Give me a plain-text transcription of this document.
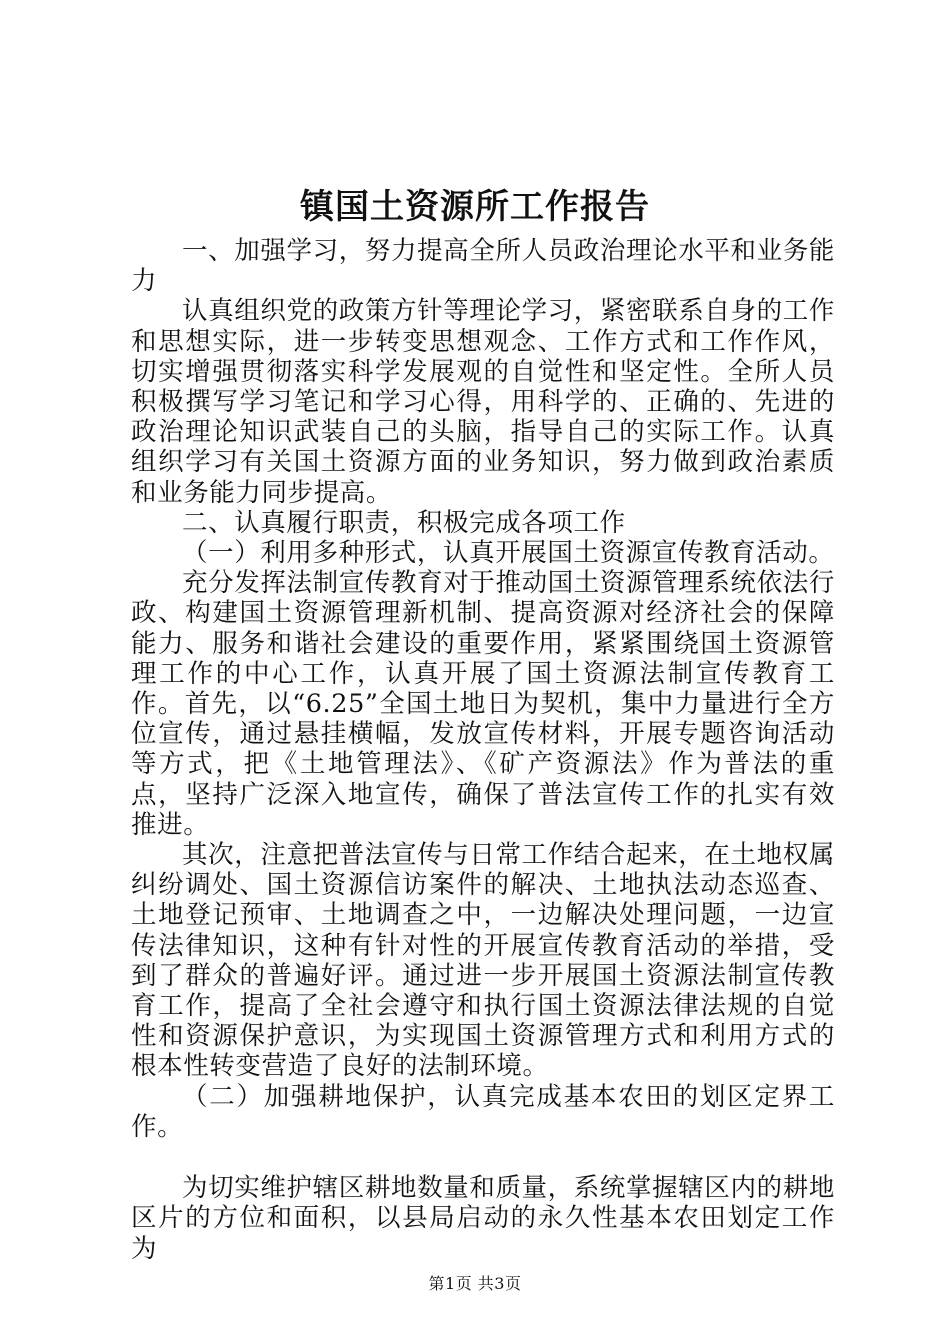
镇国土资源所工作报告

一、加强学习，努力提高全所人员政治理论水平和业务能力

认真组织党的政策方针等理论学习，紧密联系自身的工作和思想实际，进一步转变思想观念、工作方式和工作作风，切实增强贯彻落实科学发展观的自觉性和坚定性。全所人员积极撰写学习笔记和学习心得，用科学的、正确的、先进的政治理论知识武装自己的头脑，指导自己的实际工作。认真组织学习有关国土资源方面的业务知识，努力做到政治素质和业务能力同步提高。

二、认真履行职责，积极完成各项工作

（一）利用多种形式，认真开展国土资源宣传教育活动。

充分发挥法制宣传教育对于推动国土资源管理系统依法行政、构建国土资源管理新机制、提高资源对经济社会的保障能力、服务和谐社会建设的重要作用，紧紧围绕国土资源管理工作的中心工作，认真开展了国土资源法制宣传教育工作。首先，以“6.25”全国土地日为契机，集中力量进行全方位宣传，通过悬挂横幅，发放宣传材料，开展专题咨询活动等方式，把《土地管理法》、《矿产资源法》作为普法的重点，坚持广泛深入地宣传，确保了普法宣传工作的扎实有效推进。

其次，注意把普法宣传与日常工作结合起来，在土地权属纠纷调处、国土资源信访案件的解决、土地执法动态巡查、土地登记预审、土地调查之中，一边解决处理问题，一边宣传法律知识，这种有针对性的开展宣传教育活动的举措，受到了群众的普遍好评。通过进一步开展国土资源法制宣传教育工作，提高了全社会遵守和执行国土资源法律法规的自觉性和资源保护意识，为实现国土资源管理方式和利用方式的根本性转变营造了良好的法制环境。

（二）加强耕地保护，认真完成基本农田的划区定界工作。

为切实维护辖区耕地数量和质量，系统掌握辖区内的耕地区片的方位和面积，以县局启动的永久性基本农田划定工作为

第1页 共3页
